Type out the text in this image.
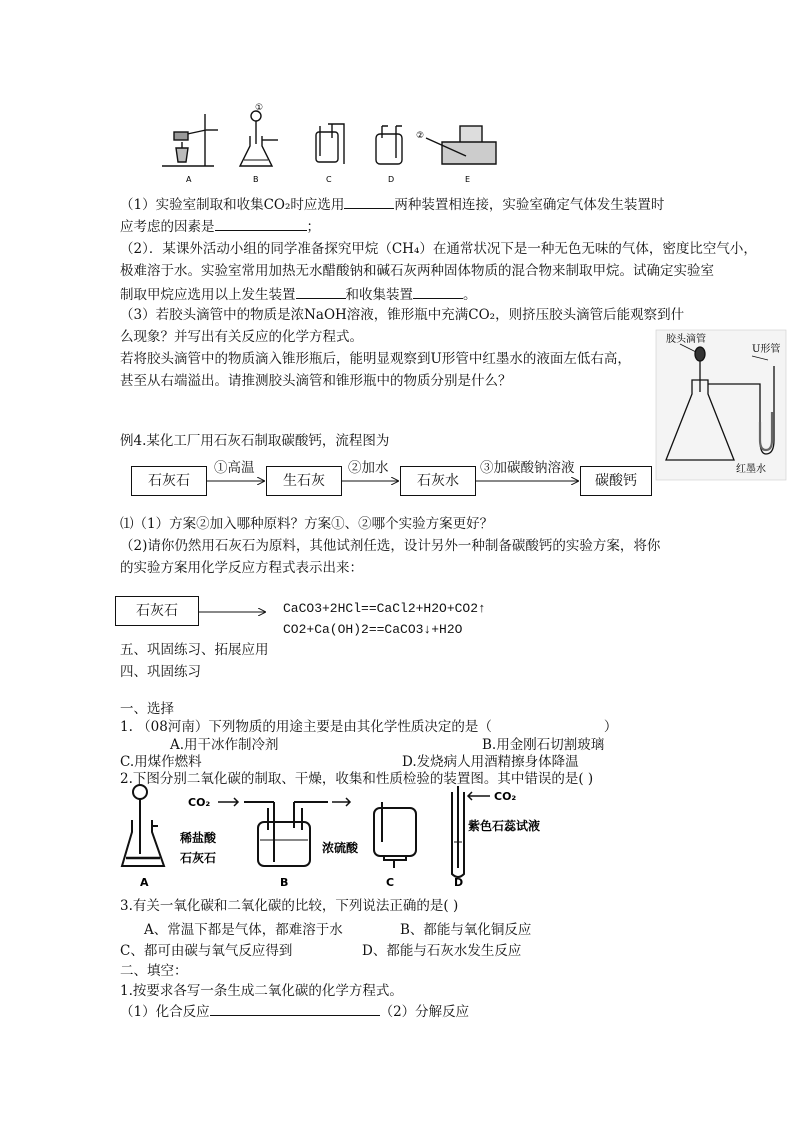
①
②
A	B	C	D	E
（1）实验室制取和收集CO₂时应选用	两种装置相连接，实验室确定气体发生装置时
应考虑的因素是	；
（2）．某课外活动小组的同学准备探究甲烷（CH₄）在通常状况下是一种无色无味的气体，密度比空气小，
极难溶于水。实验室常用加热无水醋酸钠和碱石灰两种固体物质的混合物来制取甲烷。试确定实验室
制取甲烷应选用以上发生装置	和收集装置	。
（3）若胶头滴管中的物质是浓NaOH溶液，锥形瓶中充满CO₂，则挤压胶头滴管后能观察到什
么现象？并写出有关反应的化学方程式。
若将胶头滴管中的物质滴入锥形瓶后，能明显观察到U形管中红墨水的液面左低右高，
甚至从右端溢出。请推测胶头滴管和锥形瓶中的物质分别是什么？
胶头滴管
U形管
红墨水
例4.某化工厂用石灰石制取碳酸钙，流程图为
石灰石	生石灰	石灰水	碳酸钙
①高温	②加水	③加碳酸钠溶液
⑴（1）方案②加入哪种原料？方案①、②哪个实验方案更好？
（2)请你仍然用石灰石为原料，其他试剂任选，设计另外一种制备碳酸钙的实验方案，将你
的实验方案用化学反应方程式表示出来：
石灰石	CaCO3+2HCl==CaCl2+H2O+CO2↑
CO2+Ca(OH)2==CaCO3↓+H2O
五、巩固练习、拓展应用
四、巩固练习
一、选择
1. （08河南）下列物质的用途主要是由其化学性质决定的是（	）
A.用干冰作制冷剂	B.用金刚石切割玻璃
C.用煤作燃料	D.发烧病人用酒精擦身体降温
2.下图分别二氧化碳的制取、干燥，收集和性质检验的装置图。其中错误的是( )
CO₂	CO₂
稀盐酸
石灰石
浓硫酸
紫色石蕊试液
A	B	C	D
3.有关一氧化碳和二氧化碳的比较，下列说法正确的是( )
A、常温下都是气体，都难溶于水	B、都能与氧化铜反应
C、都可由碳与氧气反应得到	D、都能与石灰水发生反应
二、填空：
1.按要求各写一条生成二氧化碳的化学方程式。
（1）化合反应	（2）分解反应
